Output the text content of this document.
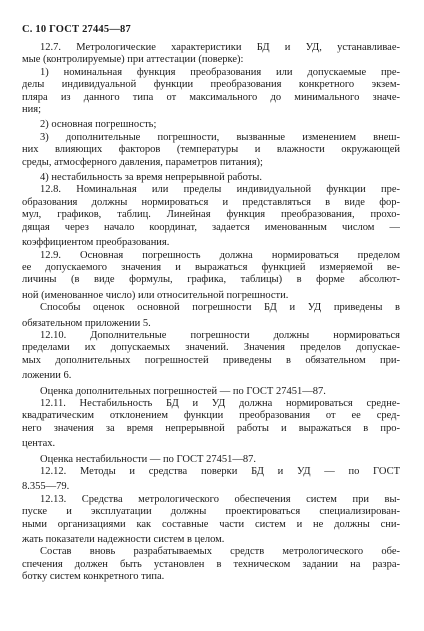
С. 10 ГОСТ 27445—87
12.7. Метрологические характеристики БД и УД, устанавливае-
мые (контролируемые) при аттестации (поверке):
1) номинальная функция преобразования или допускаемые пре-
делы индивидуальной функции преобразования конкретного экзем-
пляра из данного типа от максимального до минимального значе-
ния;
2) основная погрешность;
3) дополнительные погрешности, вызванные изменением внеш-
них влияющих факторов (температуры и влажности окружающей
среды, атмосферного давления, параметров питания);
4) нестабильность за время непрерывной работы.
12.8. Номинальная или пределы индивидуальной функции пре-
образования должны нормироваться и представляться в виде фор-
мул, графиков, таблиц. Линейная функция преобразования, прохо-
дящая через начало координат, задается именованным числом —
коэффициентом преобразования.
12.9. Основная погрешность должна нормироваться пределом
ее допускаемого значения и выражаться функцией измеряемой ве-
личины (в виде формулы, графика, таблицы) в форме абсолют-
ной (именованное число) или относительной погрешности.
Способы оценок основной погрешности БД и УД приведены в
обязательном приложении 5.
12.10. Дополнительные погрешности должны нормироваться
пределами их допускаемых значений. Значения пределов допускае-
мых дополнительных погрешностей приведены в обязательном при-
ложении 6.
Оценка дополнительных погрешностей — по ГОСТ 27451—87.
12.11. Нестабильность БД и УД должна нормироваться средне-
квадратическим отклонением функции преобразования от ее сред-
него значения за время непрерывной работы и выражаться в про-
центах.
Оценка нестабильности — по ГОСТ 27451—87.
12.12. Методы и средства поверки БД и УД — по ГОСТ
8.355—79.
12.13. Средства метрологического обеспечения систем при вы-
пуске и эксплуатации должны проектироваться специализирован-
ными организациями как составные части систем и не должны сни-
жать показатели надежности систем в целом.
Состав вновь разрабатываемых средств метрологического обе-
спечения должен быть установлен в техническом задании на разра-
ботку систем конкретного типа.
